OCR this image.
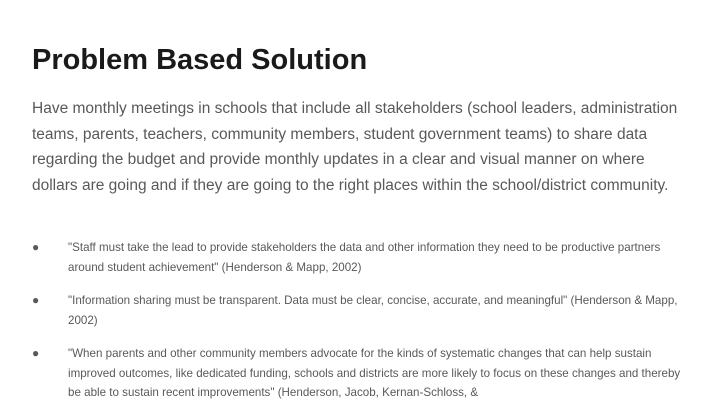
Problem Based Solution

Have monthly meetings in schools that include all stakeholders (school leaders, administration teams, parents, teachers, community members, student government teams) to share data regarding the budget and provide monthly updates in a clear and visual manner on where dollars are going and if they are going to the right places within the school/district community.

● "Staff must take the lead to provide stakeholders the data and other information they need to be productive partners around student achievement" (Henderson & Mapp, 2002)
● "Information sharing must be transparent. Data must be clear, concise, accurate, and meaningful" (Henderson & Mapp, 2002)
● "When parents and other community members advocate for the kinds of systematic changes that can help sustain improved outcomes, like dedicated funding, schools and districts are more likely to focus on these changes and thereby be able to sustain recent improvements" (Henderson, Jacob, Kernan-Schloss, &
